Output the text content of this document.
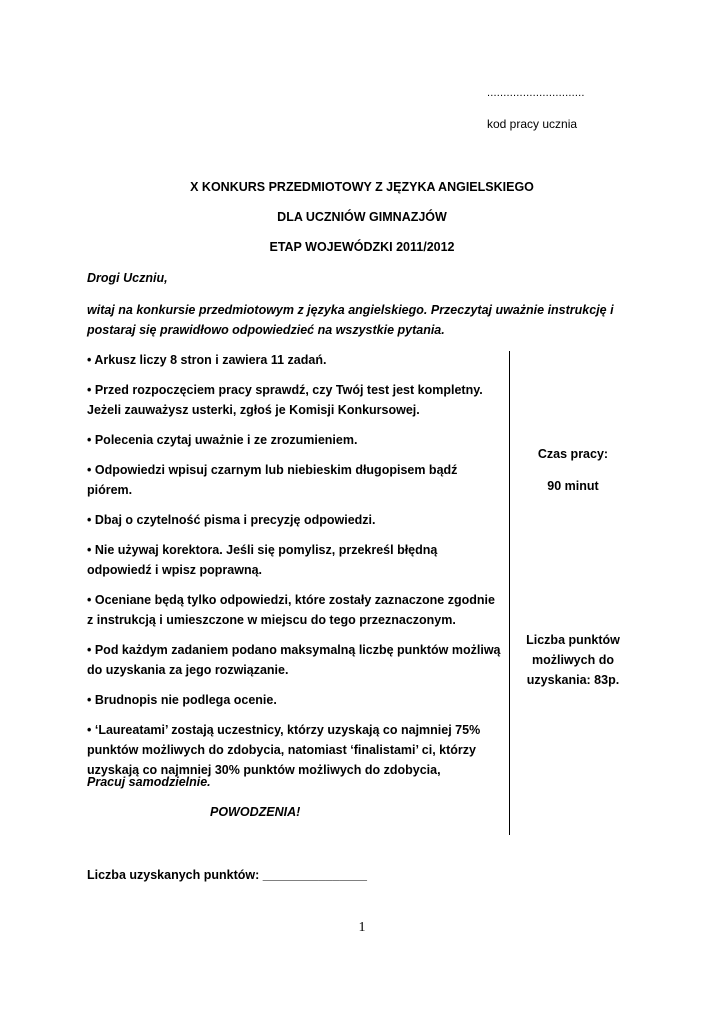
..............................
kod pracy ucznia
X KONKURS PRZEDMIOTOWY Z JĘZYKA ANGIELSKIEGO
DLA UCZNIÓW GIMNAZJÓW
ETAP WOJEWÓDZKI 2011/2012
Drogi Uczniu,
witaj na konkursie przedmiotowym z języka angielskiego. Przeczytaj uważnie instrukcję i postaraj się prawidłowo odpowiedzieć na wszystkie pytania.

• Arkusz liczy 8 stron i zawiera 11 zadań.

• Przed rozpoczęciem pracy sprawdź, czy Twój test jest kompletny. Jeżeli zauważysz usterki, zgłoś je Komisji Konkursowej.

• Polecenia czytaj uważnie i ze zrozumieniem.

• Odpowiedzi wpisuj czarnym lub niebieskim długopisem bądź piórem.

• Dbaj o czytelność pisma i precyzję odpowiedzi.

• Nie używaj korektora. Jeśli się pomylisz, przekreśl błędną odpowiedź i wpisz poprawną.

• Oceniane będą tylko odpowiedzi, które zostały zaznaczone zgodnie z instrukcją i umieszczone w miejscu do tego przeznaczonym.

• Pod każdym zadaniem podano maksymalną liczbę punktów możliwą do uzyskania za jego rozwiązanie.

• Brudnopis nie podlega ocenie.

• ‘Laureatami’ zostają uczestnicy, którzy uzyskają co najmniej 75% punktów możliwych do zdobycia, natomiast ‘finalistami’ ci, którzy uzyskają co najmniej 30% punktów możliwych do zdobycia,

Czas pracy:
90 minut
Liczba punktów możliwych do uzyskania: 83p.
Pracuj samodzielnie.
POWODZENIA!
Liczba uzyskanych punktów: _______________
1
